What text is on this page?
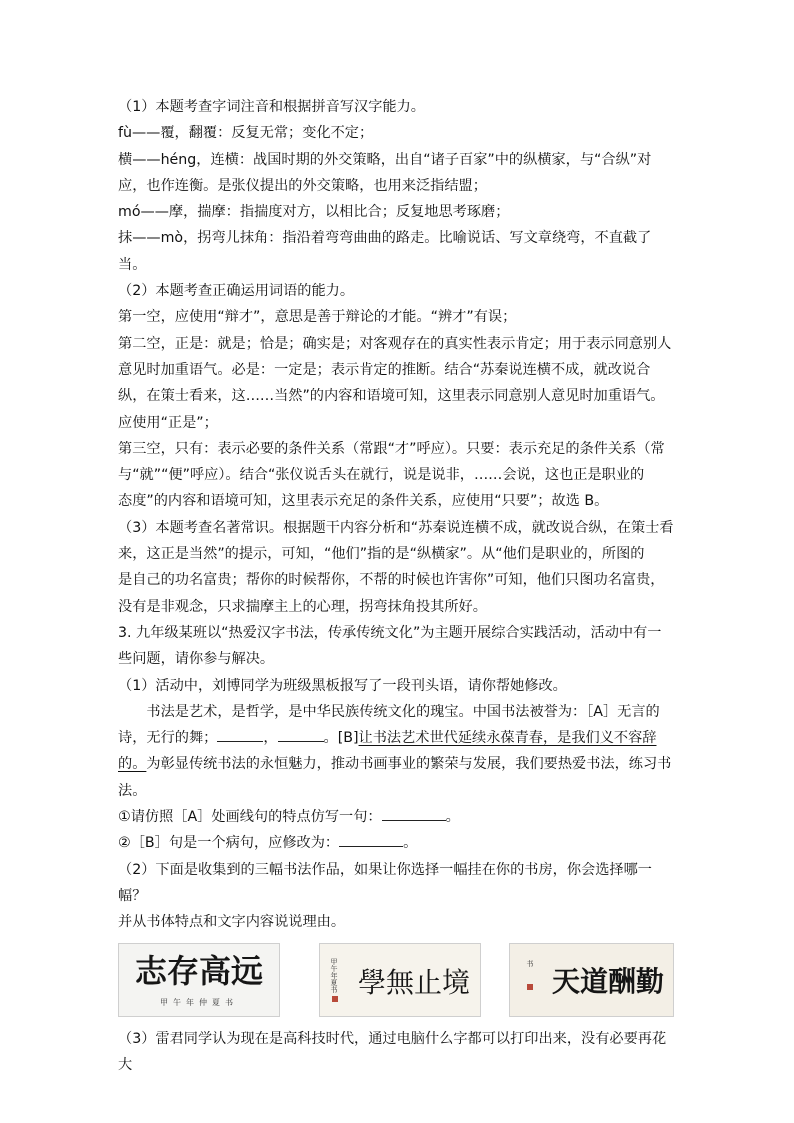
（1）本题考查字词注音和根据拼音写汉字能力。

fù——覆，翻覆：反复无常；变化不定；

横——héng，连横：战国时期的外交策略，出自“诸子百家”中的纵横家，与“合纵”对

应，也作连衡。是张仪提出的外交策略，也用来泛指结盟；

mó——摩，揣摩：指揣度对方，以相比合；反复地思考琢磨；

抹——mò，拐弯儿抹角：指沿着弯弯曲曲的路走。比喻说话、写文章绕弯，不直截了当。

（2）本题考查正确运用词语的能力。

第一空，应使用“辩才”，意思是善于辩论的才能。“辨才”有误；

第二空，正是：就是；恰是；确实是；对客观存在的真实性表示肯定；用于表示同意别人

意见时加重语气。必是：一定是；表示肯定的推断。结合“苏秦说连横不成，就改说合

纵，在策士看来，这……当然”的内容和语境可知，这里表示同意别人意见时加重语气。

应使用“正是”；

第三空，只有：表示必要的条件关系（常跟“才”呼应）。只要：表示充足的条件关系（常

与“就”“便”呼应）。结合“张仪说舌头在就行，说是说非，……会说，这也正是职业的

态度”的内容和语境可知，这里表示充足的条件关系，应使用“只要”；故选 B。

（3）本题考查名著常识。根据题干内容分析和“苏秦说连横不成，就改说合纵，在策士看

来，这正是当然”的提示，可知，“他们”指的是“纵横家”。从“他们是职业的，所图的

是自己的功名富贵；帮你的时候帮你，不帮的时候也许害你”可知，他们只图功名富贵，

没有是非观念，只求揣摩主上的心理，拐弯抹角投其所好。

3. 九年级某班以“热爱汉字书法，传承传统文化”为主题开展综合实践活动，活动中有一

些问题，请你参与解决。

（1）活动中，刘博同学为班级黑板报写了一段刊头语，请你帮她修改。

书法是艺术，是哲学，是中华民族传统文化的瑰宝。中国书法被誉为：［A］无言的

诗，无行的舞；	，	。[B]让书法艺术世代延续永葆青春，是我们义不容辞

的。为彰显传统书法的永恒魅力，推动书画事业的繁荣与发展，我们要热爱书法，练习书

法。

①请仿照［A］处画线句的特点仿写一句：	。

②［B］句是一个病句，应修改为：	。

（2）下面是收集到的三幅书法作品，如果让你选择一幅挂在你的书房，你会选择哪一幅？

并从书体特点和文字内容说说理由。

志存高远
甲午年仲夏书
甲午年夏书 學無止境
书
天道酬勤

（3）雷君同学认为现在是高科技时代，通过电脑什么字都可以打印出来，没有必要再花大
